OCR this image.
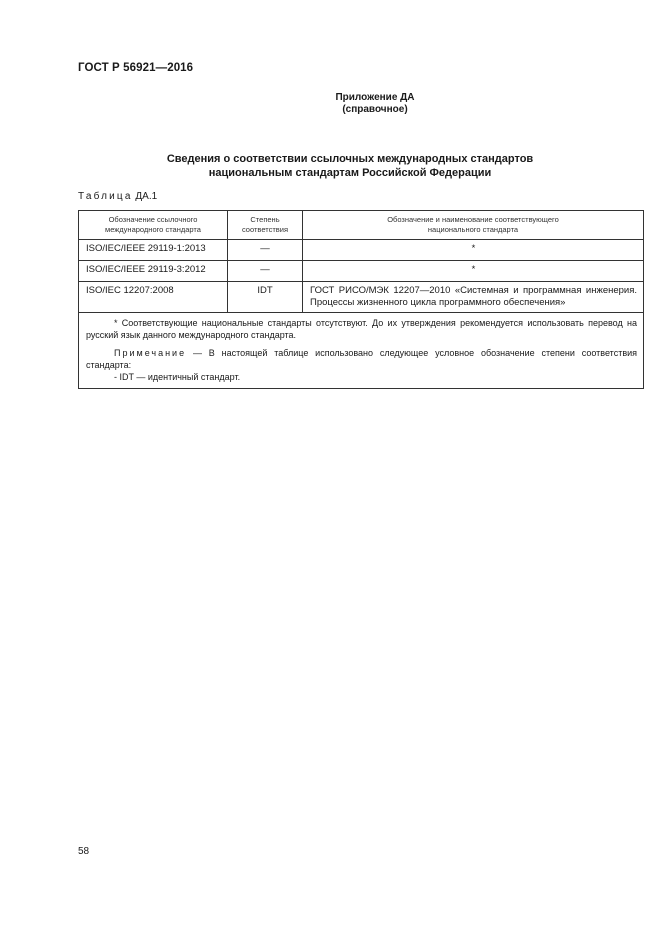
ГОСТ Р 56921—2016
Приложение ДА
(справочное)
Сведения о соответствии ссылочных международных стандартов
национальным стандартам Российской Федерации
Таблица ДА.1
Обозначение ссылочного международного стандарта	Степень соответствия	Обозначение и наименование соответствующего национального стандарта
ISO/IEC/IEEE 29119-1:2013	—	*
ISO/IEC/IEEE 29119-3:2012	—	*
ISO/IEC 12207:2008	IDT	ГОСТ РИСО/МЭК 12207—2010 «Системная и программная инженерия. Процессы жизненного цикла программного обеспечения»

* Соответствующие национальные стандарты отсутствуют. До их утверждения рекомендуется использовать перевод на русский язык данного международного стандарта.

Примечание — В настоящей таблице использовано следующее условное обозначение степени соответствия стандарта:

- IDT — идентичный стандарт.		

58
